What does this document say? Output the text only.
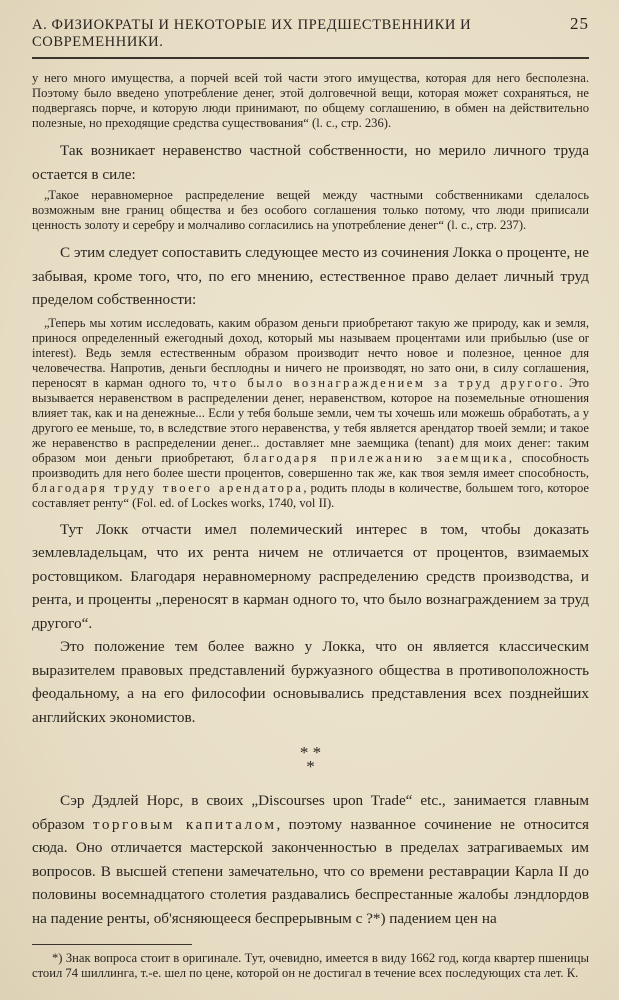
А. ФИЗИОКРАТЫ И НЕКОТОРЫЕ ИХ ПРЕДШЕСТВЕННИКИ И СОВРЕМЕННИКИ.
25

у него много имущества, а порчей всей той части этого имущества, которая для него бесполезна. Поэтому было введено употребление денег, этой долговечной вещи, которая может сохраняться, не подвергаясь порче, и которую люди принимают, по общему соглашению, в обмен на действительно полезные, но преходящие средства существования“ (l. c., стр. 236).

Так возникает неравенство частной собственности, но мерило личного труда остается в силе:

„Такое неравномерное распределение вещей между частными собственниками сделалось возможным вне границ общества и без особого соглашения только потому, что люди приписали ценность золоту и серебру и молчаливо согласились на употребление денег“ (l. c., стр. 237).

С этим следует сопоставить следующее место из сочинения Локка о проценте, не забывая, кроме того, что, по его мнению, естественное право делает личный труд пределом собственности:

„Теперь мы хотим исследовать, каким образом деньги приобретают такую же природу, как и земля, принося определенный ежегодный доход, который мы называем процентами или прибылью (use or interest). Ведь земля естественным образом производит нечто новое и полезное, ценное для человечества. Напротив, деньги бесплодны и ничего не производят, но зато они, в силу соглашения, переносят в карман одного то, что было вознаграждением за труд другого. Это вызывается неравенством в распределении денег, неравенством, которое на поземельные отношения влияет так, как и на денежные... Если у тебя больше земли, чем ты хочешь или можешь обработать, а у другого ее меньше, то, в вследствие этого неравенства, у тебя является арендатор твоей земли; и такое же неравенство в распределении денег... доставляет мне заемщика (tenant) для моих денег: таким образом мои деньги приобретают, благодаря прилежанию заемщика, способность производить для него более шести процентов, совершенно так же, как твоя земля имеет способность, благодаря труду твоего арендатора, родить плоды в количестве, большем того, которое составляет ренту“ (Fol. ed. of Lockes works, 1740, vol II).

Тут Локк отчасти имел полемический интерес в том, чтобы доказать землевладельцам, что их рента ничем не отличается от процентов, взимаемых ростовщиком. Благодаря неравномерному распределению средств производства, и рента, и проценты „переносят в карман одного то, что было вознаграждением за труд другого“.

Это положение тем более важно у Локка, что он является классическим выразителем правовых представлений буржуазного общества в противоположность феодальному, а на его философии основывались представления всех позднейших английских экономистов.

* *
*

Сэр Дэдлей Норс, в своих „Discourses upon Trade“ etc., занимается главным образом торговым капиталом, поэтому названное сочинение не относится сюда. Оно отличается мастерской законченностью в пределах затрагиваемых им вопросов. В высшей степени замечательно, что со времени реставрации Карла II до половины восемнадцатого столетия раздавались беспрестанные жалобы лэндлордов на падение ренты, об'ясняющееся беспрерывным с ?*) падением цен на

*) Знак вопроса стоит в оригинале. Тут, очевидно, имеется в виду 1662 год, когда квартер пшеницы стоил 74 шиллинга, т.-е. шел по цене, которой он не достигал в течение всех последующих ста лет. К.
